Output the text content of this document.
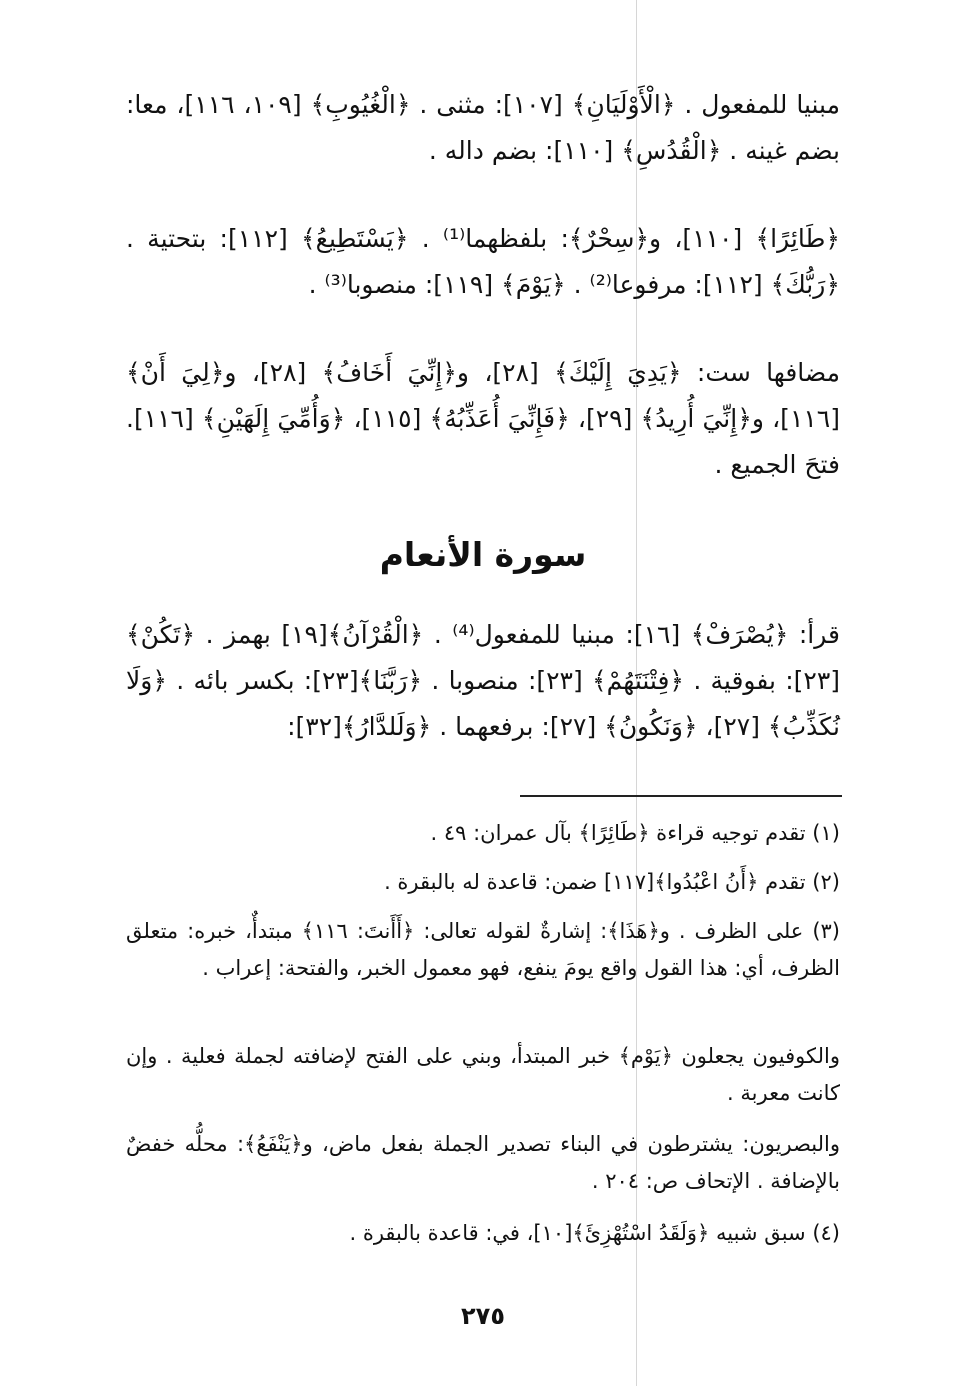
مبنيا للمفعول . ﴿الْأَوْلَيَانِ﴾ [١٠٧]: مثنى . ﴿الْغُيُوبِ﴾ [١٠٩، ١١٦]، معا: بضم غينه . ﴿الْقُدُسِ﴾ [١١٠]: بضم داله .
﴿طَائِرًا﴾ [١١٠]، و﴿سِحْرٌ﴾: بلفظهما⁽¹⁾ . ﴿يَسْتَطِيعُ﴾ [١١٢]: بتحتية . ﴿رَبُّكَ﴾ [١١٢]: مرفوعا⁽²⁾ . ﴿يَوْمَ﴾ [١١٩]: منصوبا⁽³⁾ .
مضافها ست: ﴿يَدِيَ إِلَيْكَ﴾ [٢٨]، و﴿إِنِّيَ أَخَافُ﴾ [٢٨]، و﴿لِيَ أَنْ﴾ [١١٦]، و﴿إِنِّيَ أُرِيدُ﴾ [٢٩]، ﴿فَإِنِّيَ أُعَذِّبُهُ﴾ [١١٥]، ﴿وَأُمِّيَ إِلَهَيْنِ﴾ [١١٦]. فتحَ الجميع .
سورة الأنعام
قرأ: ﴿يُصْرَفْ﴾ [١٦]: مبنيا للمفعول⁽⁴⁾ . ﴿الْقُرْآنُ﴾[١٩] بهمز . ﴿تَكُنْ﴾ [٢٣]: بفوقية . ﴿فِتْنَتَهُمْ﴾ [٢٣]: منصوبا . ﴿رَبَّنَا﴾[٢٣]: بكسر بائه . ﴿وَلَا نُكَذِّبُ﴾ [٢٧]، ﴿وَنَكُونُ﴾ [٢٧]: برفعهما . ﴿وَلَلدَّارُ﴾[٣٢]:
(١) تقدم توجيه قراءة ﴿طَائِرًا﴾ بآل عمران: ٤٩ .
(٢) تقدم ﴿أَنُ اعْبُدُوا﴾[١١٧] ضمن: قاعدة له بالبقرة .
(٣) على الظرف . و﴿هَذَا﴾: إشارةٌ لقوله تعالى: ﴿أَأَنتَ: ١١٦﴾ مبتدأٌ، خبره: متعلق الظرف، أي: هذا القول واقع يومَ ينفع، فهو معمول الخبر، والفتحة: إعراب .
والكوفيون يجعلون ﴿يَوْم﴾ خبر المبتدأ، وبني على الفتح لإضافته لجملة فعلية . وإن كانت معربة .
والبصريون: يشترطون في البناء تصدير الجملة بفعل ماض، و﴿يَنْفَعُ﴾: محلُّه خفضٌ بالإضافة . الإتحاف ص: ٢٠٤ .
(٤) سبق شبيه ﴿وَلَقَدُ اسْتُهْزِئَ﴾[١٠]، في: قاعدة بالبقرة .
٢٧٥
